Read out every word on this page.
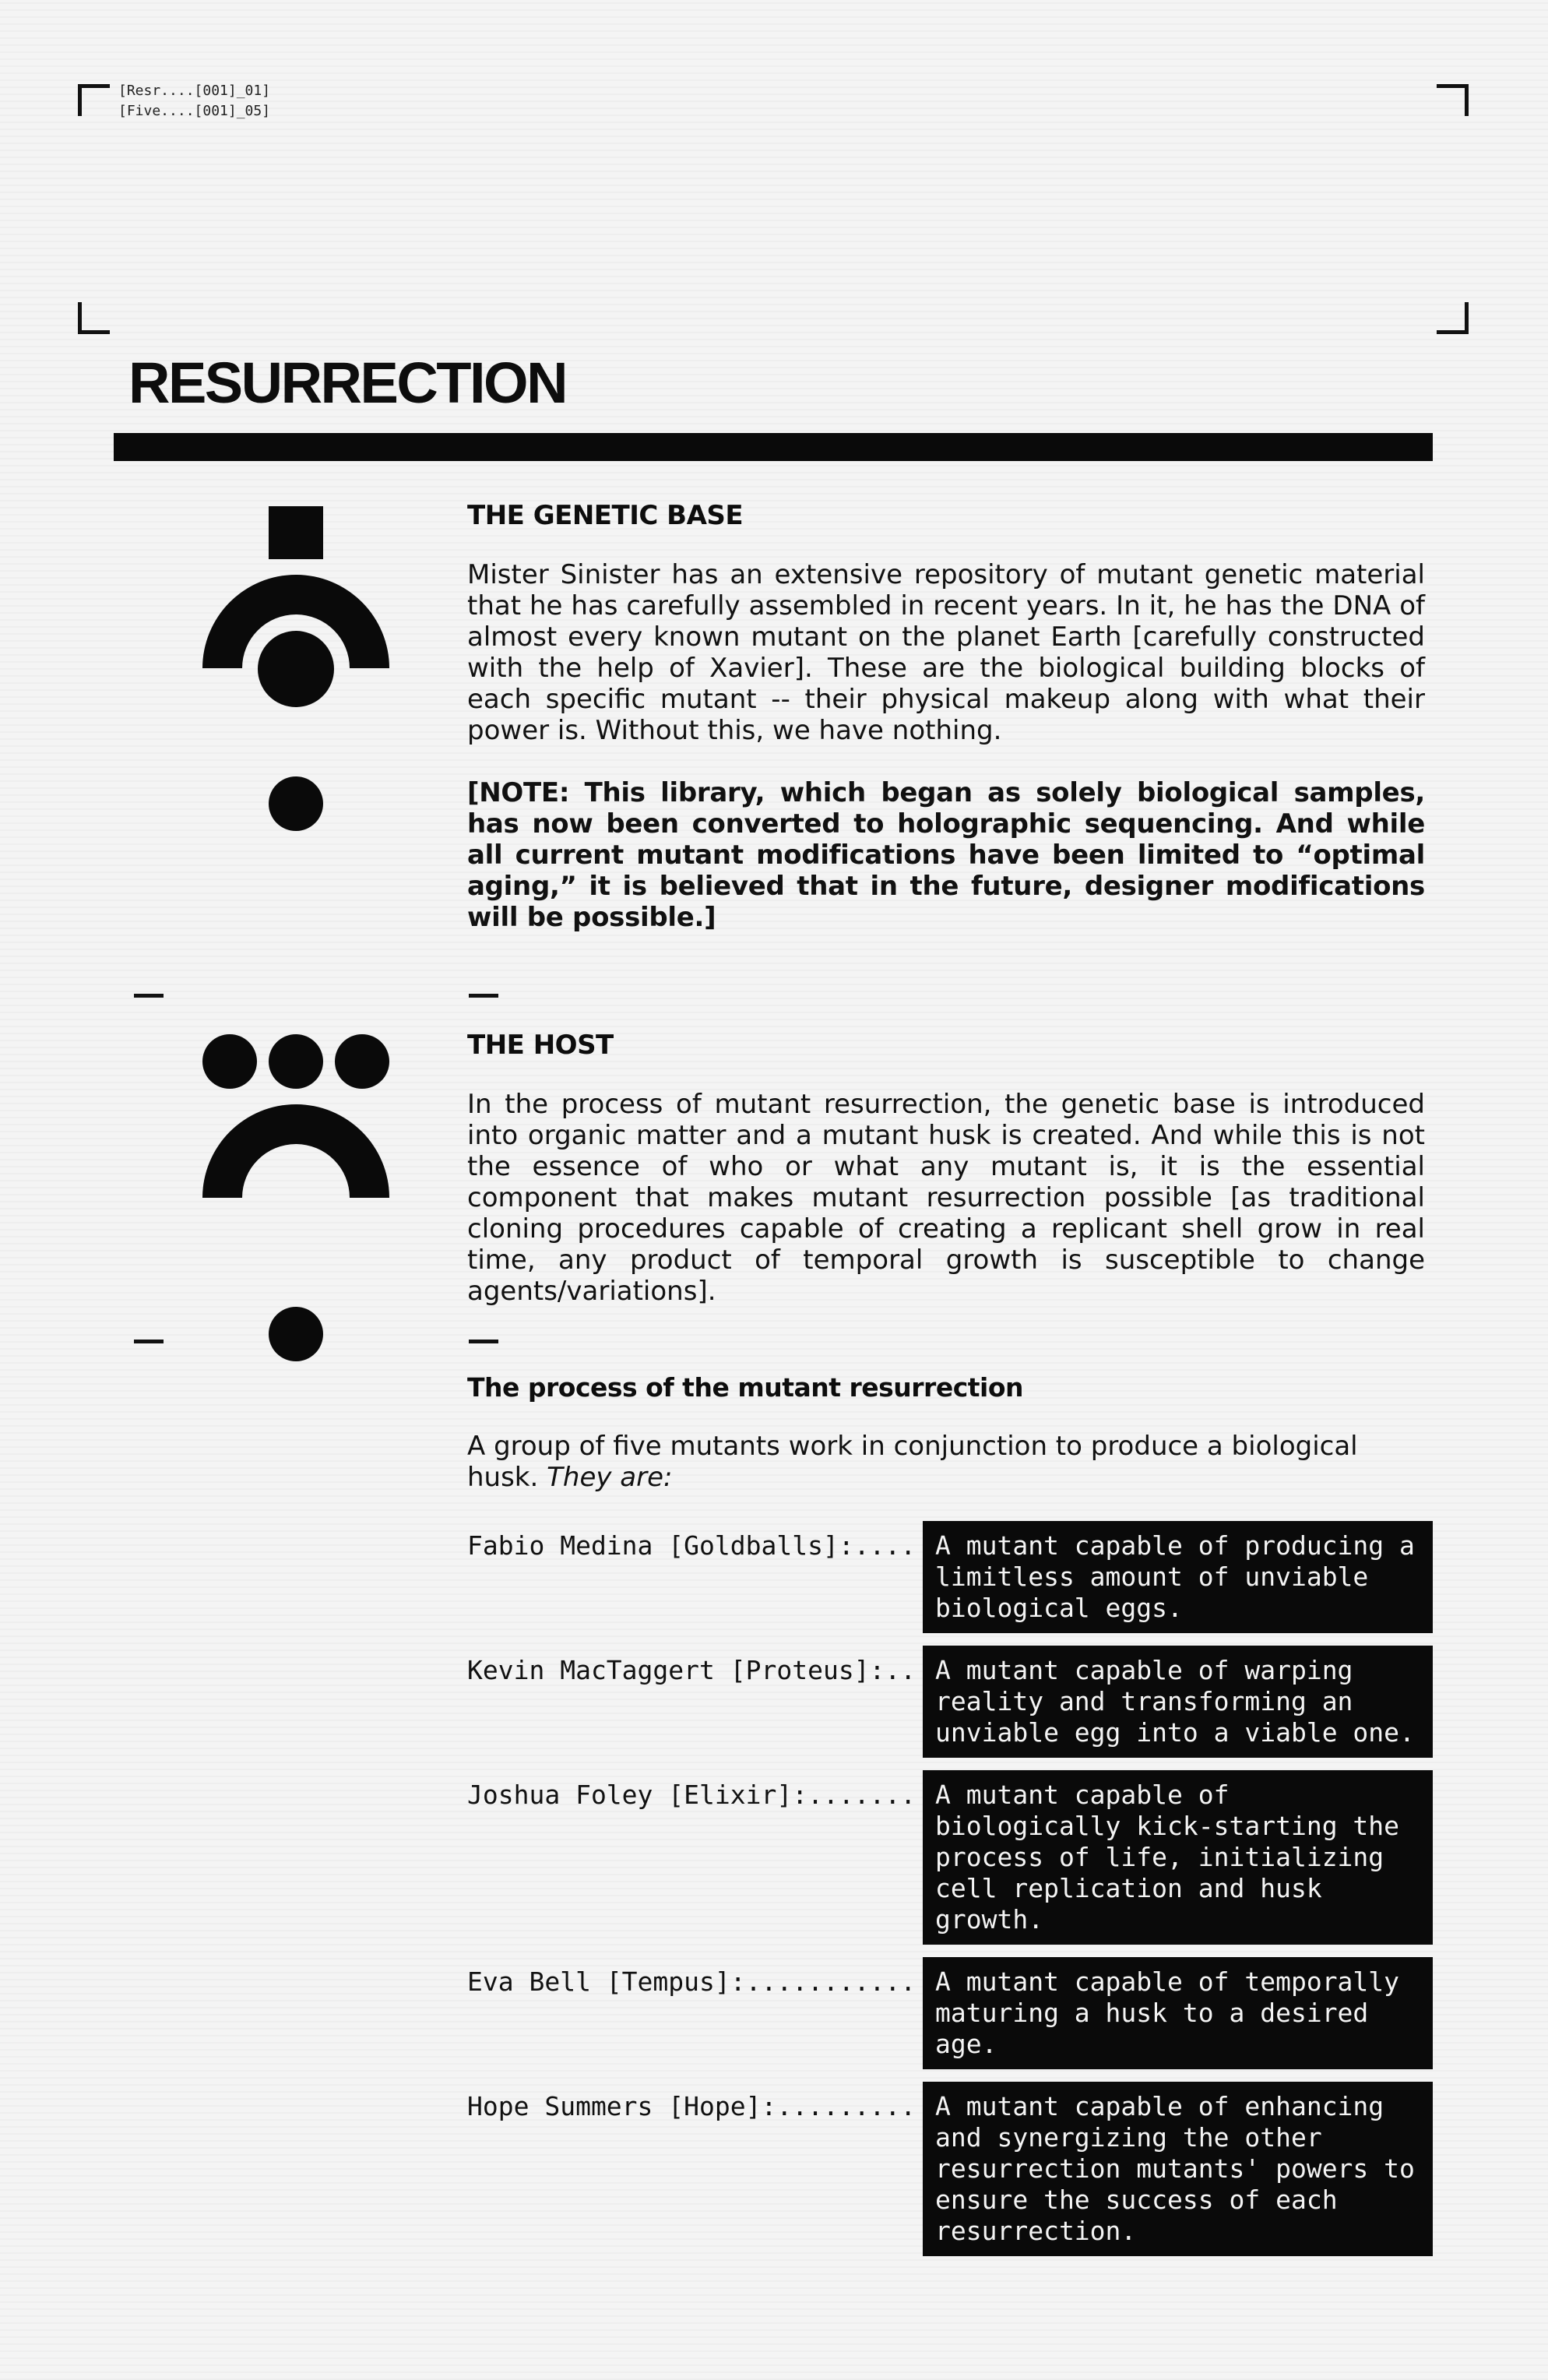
[Resr....[001]_01]
[Five....[001]_05]
RESURRECTION
THE GENETIC BASE

Mister Sinister has an extensive repository of mutant genetic material that he has carefully assembled in recent years. In it, he has the DNA of almost every known mutant on the planet Earth [carefully constructed with the help of Xavier]. These are the biological building blocks of each specific mutant -- their physical makeup along with what their power is. Without this, we have nothing.

[NOTE: This library, which began as solely biological samples, has now been converted to holographic sequencing. And while all current mutant modifications have been limited to “optimal aging,” it is believed that in the future, designer modifications will be possible.]

THE HOST

In the process of mutant resurrection, the genetic base is introduced into organic matter and a mutant husk is created. And while this is not the essence of who or what any mutant is, it is the essential component that makes mutant resurrection possible [as traditional cloning procedures capable of creating a replicant shell grow in real time, any product of temporal growth is susceptible to change agents/variations].

The process of the mutant resurrection

A group of five mutants work in conjunction to produce a biological husk. They are:

Fabio Medina [Goldballs]:.... A mutant capable of producing a limitless amount of unviable biological eggs.
Kevin MacTaggert [Proteus]:.. A mutant capable of warping reality and transforming an unviable egg into a viable one.
Joshua Foley [Elixir]:....... A mutant capable of biologically kick-starting the process of life, initializing cell replication and husk growth.
Eva Bell [Tempus]:........... A mutant capable of temporally maturing a husk to a desired age.
Hope Summers [Hope]:......... A mutant capable of enhancing and synergizing the other resurrection mutants' powers to ensure the success of each resurrection.
